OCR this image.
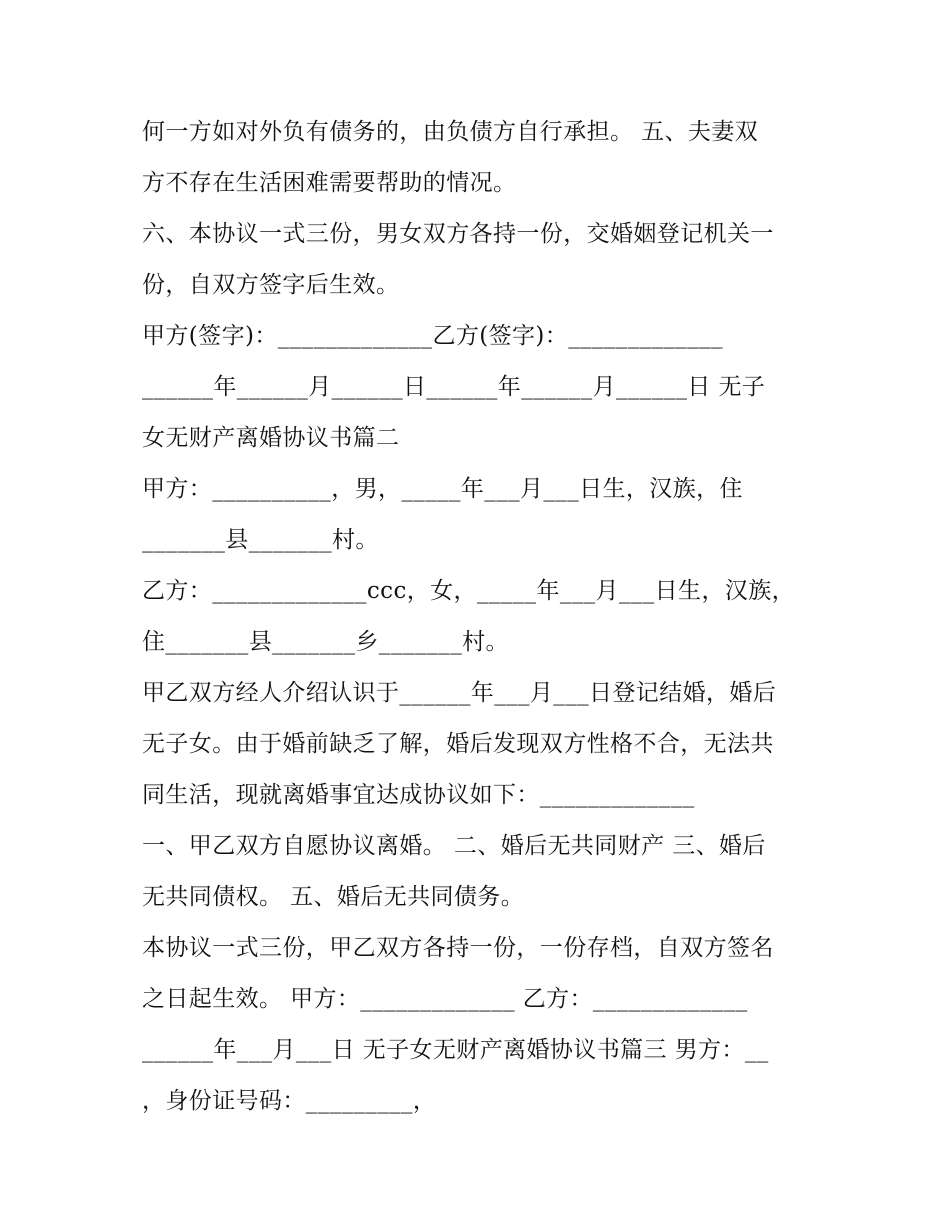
何一方如对外负有债务的，由负债方自行承担。 五、夫妻双
方不存在生活困难需要帮助的情况。
六、本协议一式三份，男女双方各持一份，交婚姻登记机关一
份，自双方签字后生效。
甲方(签字)：_____________乙方(签字)：_____________
______年______月______日______年______月______日 无子
女无财产离婚协议书篇二
甲方：__________，男，_____年___月___日生，汉族，住
_______县_______村。
乙方：_____________ccc，女，_____年___月___日生，汉族，
住_______县_______乡_______村。
甲乙双方经人介绍认识于______年___月___日登记结婚，婚后
无子女。由于婚前缺乏了解，婚后发现双方性格不合，无法共
同生活，现就离婚事宜达成协议如下：_____________
一、甲乙双方自愿协议离婚。 二、婚后无共同财产 三、婚后
无共同债权。 五、婚后无共同债务。
本协议一式三份，甲乙双方各持一份，一份存档，自双方签名
之日起生效。 甲方：_____________ 乙方：_____________
______年___月___日 无子女无财产离婚协议书篇三 男方：__
，身份证号码：_________，
